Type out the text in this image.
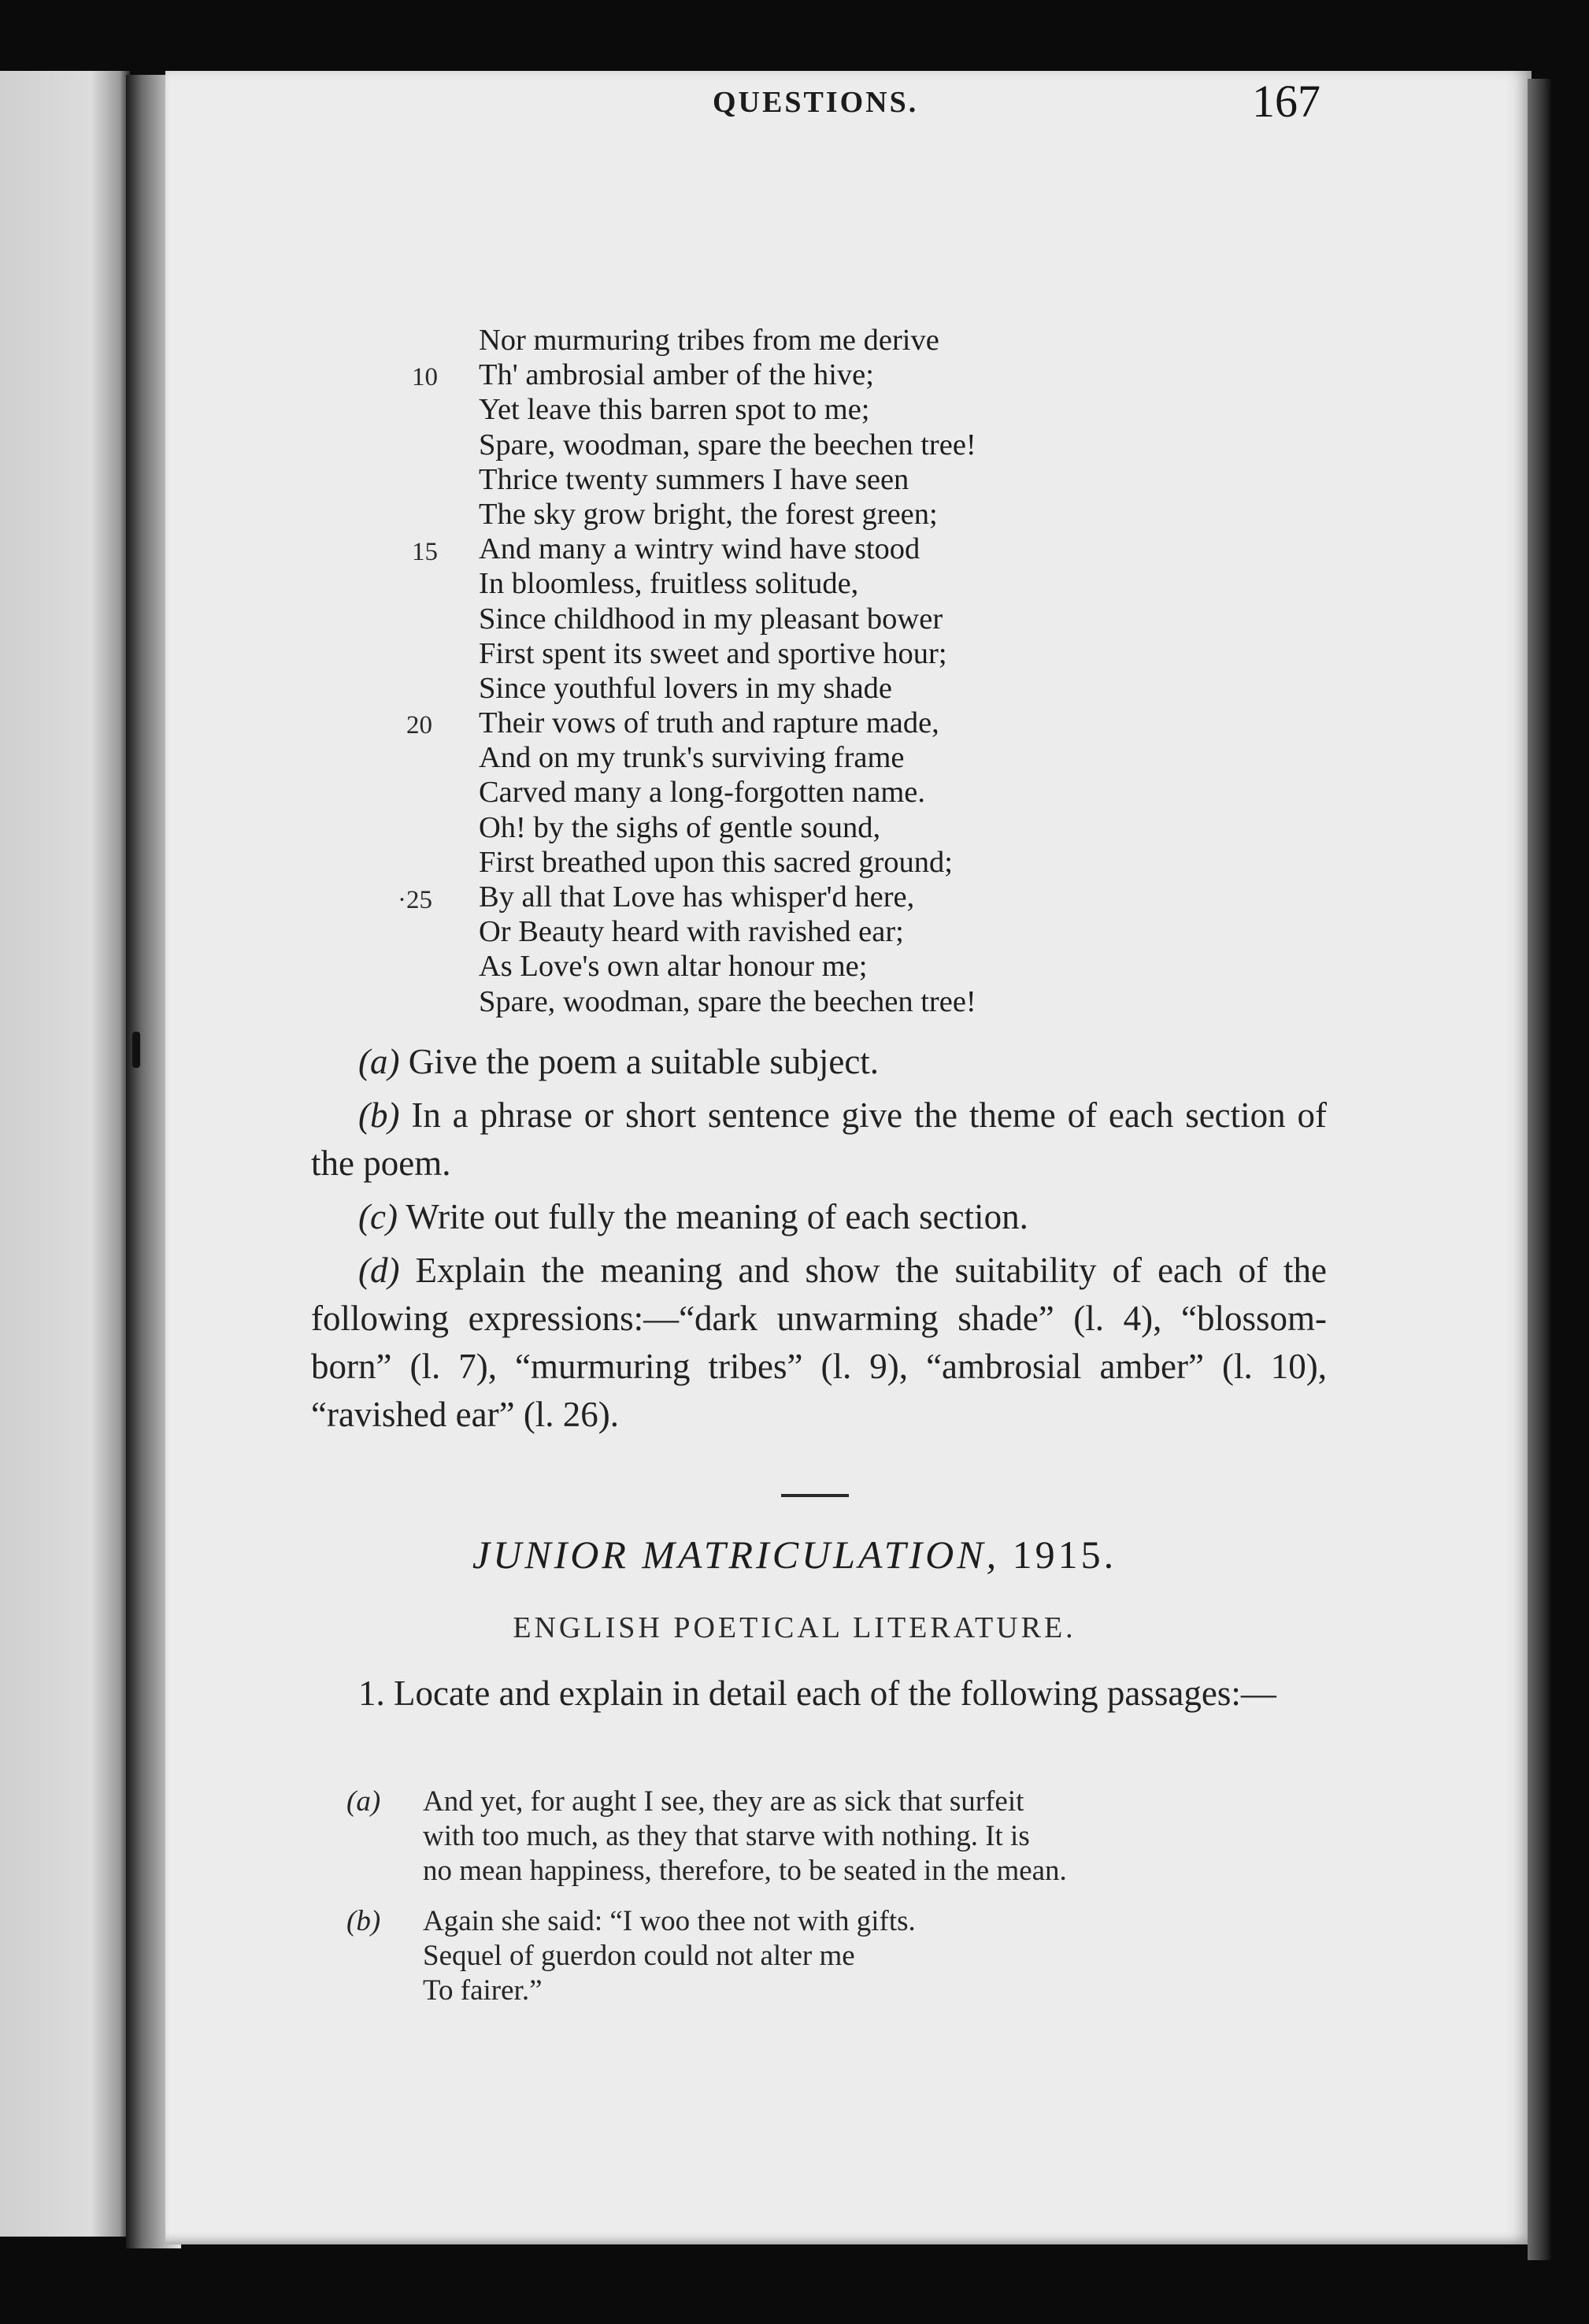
QUESTIONS.	167
Nor murmuring tribes from me derive
Th' ambrosial amber of the hive;
Yet leave this barren spot to me;
Spare, woodman, spare the beechen tree!
Thrice twenty summers I have seen
The sky grow bright, the forest green;
And many a wintry wind have stood
In bloomless, fruitless solitude,
Since childhood in my pleasant bower
First spent its sweet and sportive hour;
Since youthful lovers in my shade
Their vows of truth and rapture made,
And on my trunk's surviving frame
Carved many a long-forgotten name.
Oh! by the sighs of gentle sound,
First breathed upon this sacred ground;
By all that Love has whisper'd here,
Or Beauty heard with ravished ear;
As Love's own altar honour me;
Spare, woodman, spare the beechen tree!
10
15
20
·25
(a) Give the poem a suitable subject.
(b) In a phrase or short sentence give the theme of each section of the poem.
(c) Write out fully the meaning of each section.
(d) Explain the meaning and show the suitability of each of the following expressions:—“dark unwarming shade” (l. 4), “blossom-born” (l. 7), “murmuring tribes” (l. 9), “ambrosial amber” (l. 10), “ravished ear” (l. 26).
JUNIOR MATRICULATION, 1915.
ENGLISH POETICAL LITERATURE.
1. Locate and explain in detail each of the following passages:—
(a) And yet, for aught I see, they are as sick that surfeit
with too much, as they that starve with nothing. It is
no mean happiness, therefore, to be seated in the mean.
(b) Again she said: “I woo thee not with gifts.
Sequel of guerdon could not alter me
To fairer.”
